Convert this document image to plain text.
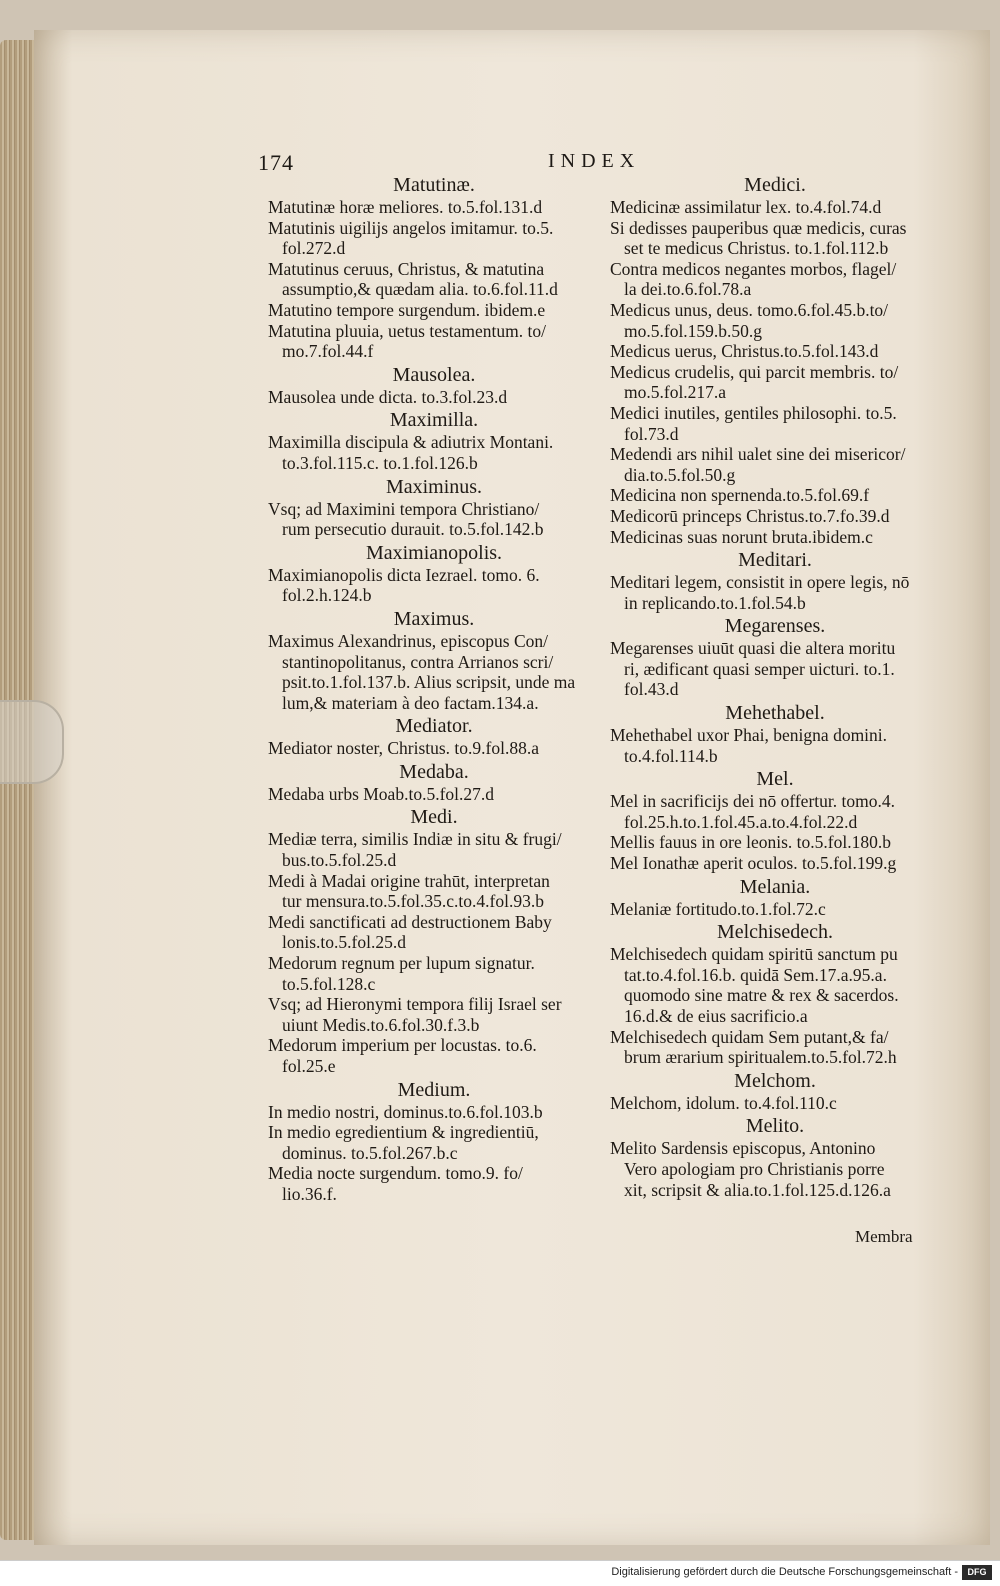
174	INDEX
Matutinæ.
Matutinæ horæ meliores. to.5.fol.131.d
Matutinis uigilijs angelos imitamur. to.5.
fol.272.d
Matutinus ceruus, Christus, & matutina
assumptio,& quædam alia. to.6.fol.11.d
Matutino tempore surgendum. ibidem.e
Matutina pluuia, uetus testamentum. to/
mo.7.fol.44.f
Mausolea.
Mausolea unde dicta. to.3.fol.23.d
Maximilla.
Maximilla discipula & adiutrix Montani.
to.3.fol.115.c. to.1.fol.126.b
Maximinus.
Vsq; ad Maximini tempora Christiano/
rum persecutio durauit. to.5.fol.142.b
Maximianopolis.
Maximianopolis dicta Iezrael. tomo. 6.
fol.2.h.124.b
Maximus.
Maximus Alexandrinus, episcopus Con/
stantinopolitanus, contra Arrianos scri/
psit.to.1.fol.137.b. Alius scripsit, unde ma
lum,& materiam à deo factam.134.a.
Mediator.
Mediator noster, Christus. to.9.fol.88.a
Medaba.
Medaba urbs Moab.to.5.fol.27.d
Medi.
Mediæ terra, similis Indiæ in situ & frugi/
bus.to.5.fol.25.d
Medi à Madai origine trahūt, interpretan
tur mensura.to.5.fol.35.c.to.4.fol.93.b
Medi sanctificati ad destructionem Baby
lonis.to.5.fol.25.d
Medorum regnum per lupum signatur.
to.5.fol.128.c
Vsq; ad Hieronymi tempora filij Israel ser
uiunt Medis.to.6.fol.30.f.3.b
Medorum imperium per locustas. to.6.
fol.25.e
Medium.
In medio nostri, dominus.to.6.fol.103.b
In medio egredientium & ingredientiū,
dominus. to.5.fol.267.b.c
Media nocte surgendum. tomo.9. fo/
lio.36.f.
Medici.
Medicinæ assimilatur lex. to.4.fol.74.d
Si dedisses pauperibus quæ medicis, curas
set te medicus Christus. to.1.fol.112.b
Contra medicos negantes morbos, flagel/
la dei.to.6.fol.78.a
Medicus unus, deus. tomo.6.fol.45.b.to/
mo.5.fol.159.b.50.g
Medicus uerus, Christus.to.5.fol.143.d
Medicus crudelis, qui parcit membris. to/
mo.5.fol.217.a
Medici inutiles, gentiles philosophi. to.5.
fol.73.d
Medendi ars nihil ualet sine dei misericor/
dia.to.5.fol.50.g
Medicina non spernenda.to.5.fol.69.f
Medicorū princeps Christus.to.7.fo.39.d
Medicinas suas norunt bruta.ibidem.c
Meditari.
Meditari legem, consistit in opere legis, nō
in replicando.to.1.fol.54.b
Megarenses.
Megarenses uiuūt quasi die altera moritu
ri, ædificant quasi semper uicturi. to.1.
fol.43.d
Mehethabel.
Mehethabel uxor Phai, benigna domini.
to.4.fol.114.b
Mel.
Mel in sacrificijs dei nō offertur. tomo.4.
fol.25.h.to.1.fol.45.a.to.4.fol.22.d
Mellis fauus in ore leonis. to.5.fol.180.b
Mel Ionathæ aperit oculos. to.5.fol.199.g
Melania.
Melaniæ fortitudo.to.1.fol.72.c
Melchisedech.
Melchisedech quidam spiritū sanctum pu
tat.to.4.fol.16.b. quidā Sem.17.a.95.a.
quomodo sine matre & rex & sacerdos.
16.d.& de eius sacrificio.a
Melchisedech quidam Sem putant,& fa/
brum ærarium spiritualem.to.5.fol.72.h
Melchom.
Melchom, idolum. to.4.fol.110.c
Melito.
Melito Sardensis episcopus, Antonino
Vero apologiam pro Christianis porre
xit, scripsit & alia.to.1.fol.125.d.126.a
Membra
Digitalisierung gefördert durch die Deutsche Forschungsgemeinschaft -	DFG
